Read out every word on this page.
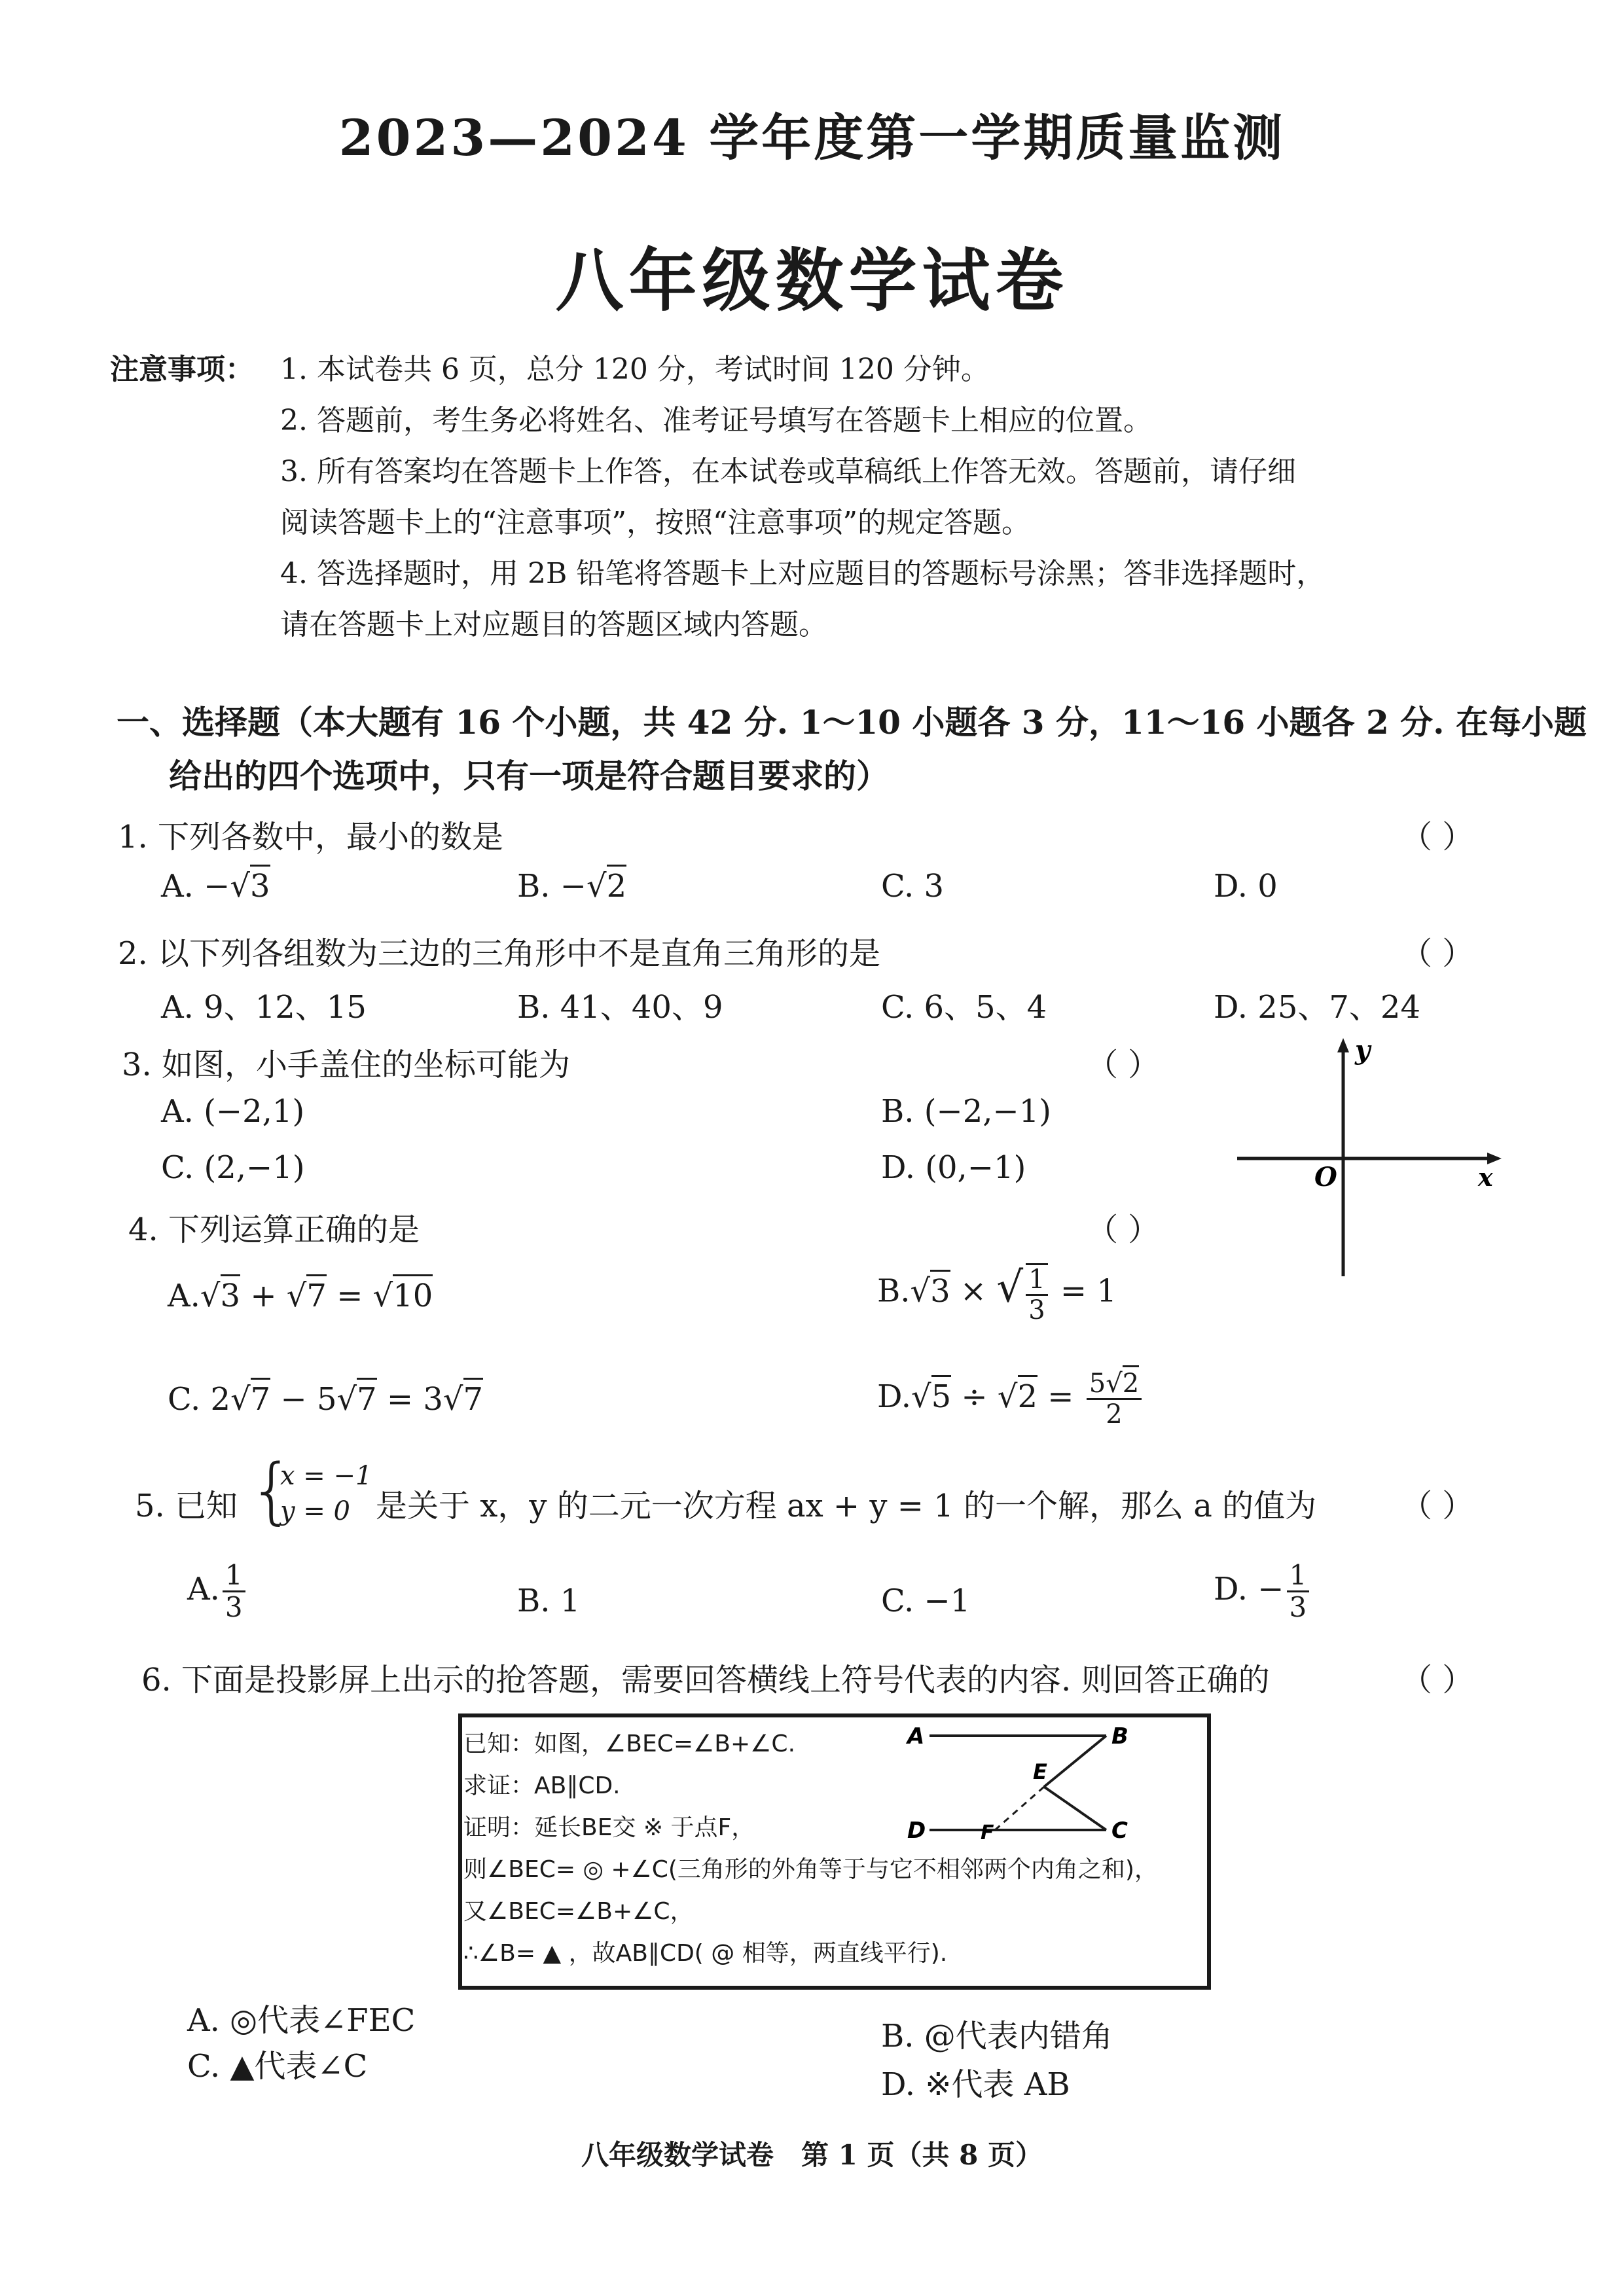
2023—2024 学年度第一学期质量监测
八年级数学试卷
注意事项： 1. 本试卷共 6 页，总分 120 分，考试时间 120 分钟。
2. 答题前，考生务必将姓名、准考证号填写在答题卡上相应的位置。
3. 所有答案均在答题卡上作答，在本试卷或草稿纸上作答无效。答题前，请仔细
阅读答题卡上的“注意事项”，按照“注意事项”的规定答题。
4. 答选择题时，用 2B 铅笔将答题卡上对应题目的答题标号涂黑；答非选择题时，
请在答题卡上对应题目的答题区域内答题。
一、选择题（本大题有 16 个小题，共 42 分. 1～10 小题各 3 分，11～16 小题各 2 分. 在每小题
给出的四个选项中，只有一项是符合题目要求的）
1. 下列各数中，最小的数是	（ ）
A. −√3	B. −√2	C. 3	D. 0
2. 以下列各组数为三边的三角形中不是直角三角形的是	（ ）
A. 9、12、15	B. 41、40、9	C. 6、5、4	D. 25、7、24
3. 如图，小手盖住的坐标可能为	（ ）
A. (−2,1)	B. (−2,−1)
C. (2,−1)	D. (0,−1)
y
x
O
4. 下列运算正确的是	（ ）
A.√3 + √7 = √10	B.√3 × √ $\frac{1}{3} = 1$
C. 2√7 − 5√7 = 3√7	$D.√5 \div √2 = \frac{5√2}{2}$
5. 已知 {
x = −1
y = 0 是关于 x，y 的二元一次方程 ax + y = 1 的一个解，那么 a 的值为	（ ）
A. $\frac{1}{3}$	B. 1	C. −1	D. − $\frac{1}{3}$
6. 下面是投影屏上出示的抢答题，需要回答横线上符号代表的内容. 则回答正确的	（ ）
已知：如图，∠BEC=∠B+∠C.
求证：AB∥CD.
证明：延长BE交 ※ 于点F，
则∠BEC= ◎ +∠C(三角形的外角等于与它不相邻两个内角之和)，
又∠BEC=∠B+∠C，
∴∠B= ▲ ，故AB∥CD( @ 相等，两直线平行).
A	B
E
D	F	C
A. ◎代表∠FEC	B. @代表内错角
C. ▲代表∠C	D. ※代表 AB
八年级数学试卷　第 1 页（共 8 页）
